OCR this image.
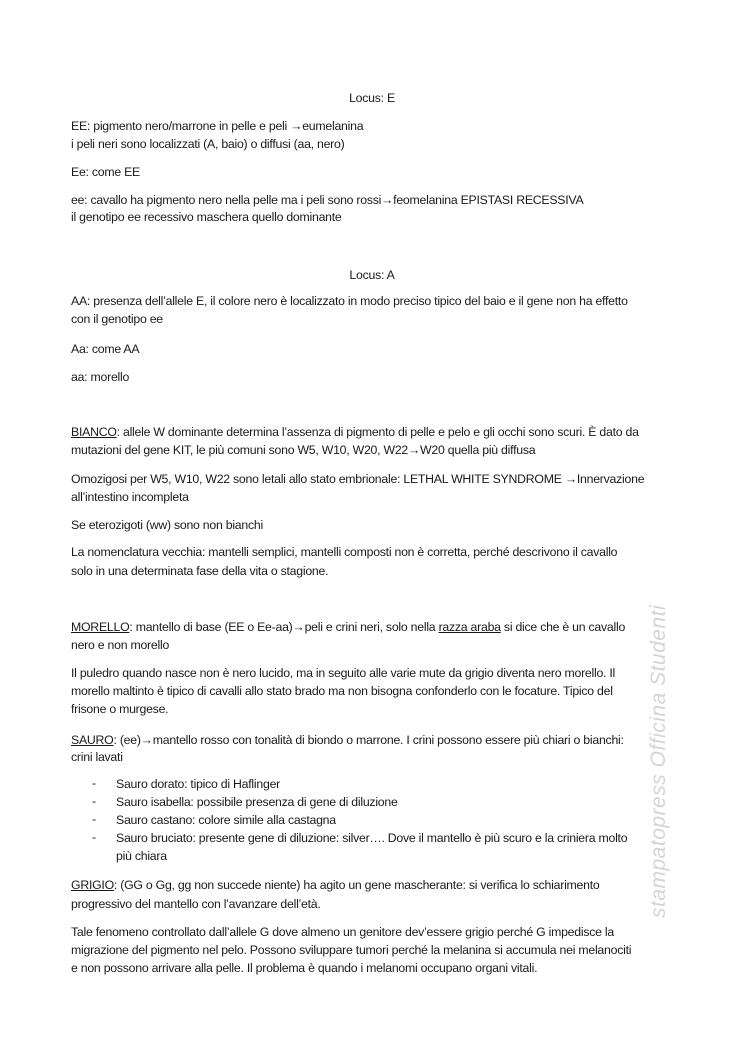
Locus: E
EE: pigmento nero/marrone in pelle e peli →eumelanina
i peli neri sono localizzati (A, baio) o diffusi (aa, nero)
Ee: come EE
ee: cavallo ha pigmento nero nella pelle ma i peli sono rossi→feomelanina EPISTASI RECESSIVA
il genotipo ee recessivo maschera quello dominante
Locus: A
AA: presenza dell’allele E, il colore nero è localizzato in modo preciso tipico del baio e il gene non ha effetto
con il genotipo ee
Aa: come AA
aa: morello
BIANCO: allele W dominante determina l’assenza di pigmento di pelle e pelo e gli occhi sono scuri. È dato da
mutazioni del gene KIT, le più comuni sono W5, W10, W20, W22→W20 quella più diffusa
Omozigosi per W5, W10, W22 sono letali allo stato embrionale: LETHAL WHITE SYNDROME →Innervazione
all’intestino incompleta
Se eterozigoti (ww) sono non bianchi
La nomenclatura vecchia: mantelli semplici, mantelli composti non è corretta, perché descrivono il cavallo
solo in una determinata fase della vita o stagione.
MORELLO: mantello di base (EE o Ee-aa)→peli e crini neri, solo nella razza araba si dice che è un cavallo
nero e non morello
Il puledro quando nasce non è nero lucido, ma in seguito alle varie mute da grigio diventa nero morello. Il
morello maltinto è tipico di cavalli allo stato brado ma non bisogna confonderlo con le focature. Tipico del
frisone o murgese.
SAURO: (ee)→mantello rosso con tonalità di biondo o marrone. I crini possono essere più chiari o bianchi:
crini lavati
- Sauro dorato: tipico di Haflinger
- Sauro isabella: possibile presenza di gene di diluzione
- Sauro castano: colore simile alla castagna
- Sauro bruciato: presente gene di diluzione: silver…. Dove il mantello è più scuro e la criniera molto
più chiara
GRIGIO: (GG o Gg, gg non succede niente) ha agito un gene mascherante: si verifica lo schiarimento
progressivo del mantello con l’avanzare dell’età.
Tale fenomeno controllato dall’allele G dove almeno un genitore dev’essere grigio perché G impedisce la
migrazione del pigmento nel pelo. Possono sviluppare tumori perché la melanina si accumula nei melanociti
e non possono arrivare alla pelle. Il problema è quando i melanomi occupano organi vitali.
stampatopress Officina Studenti
